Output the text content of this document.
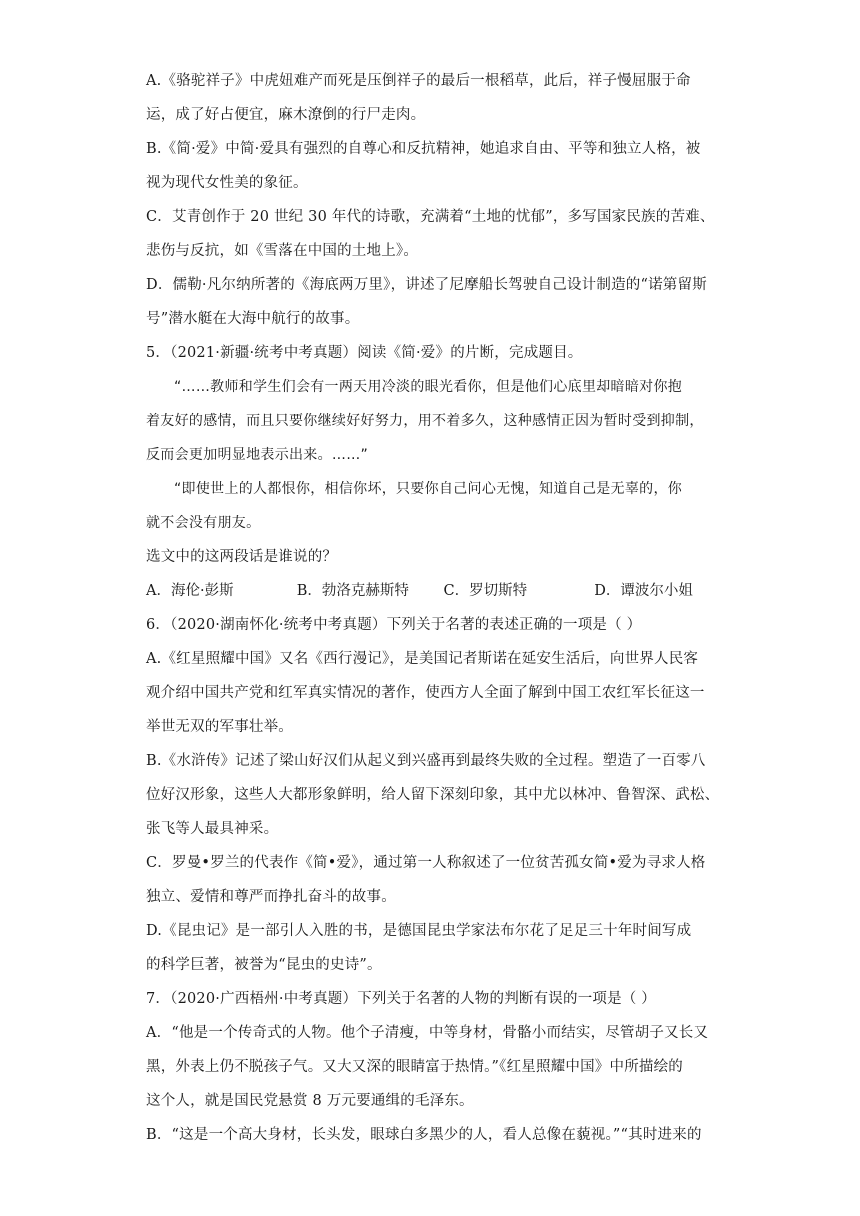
A.《骆驼祥子》中虎妞难产而死是压倒祥子的最后一根稻草，此后，祥子慢屈服于命
运，成了好占便宜，麻木潦倒的行尸走肉。
B.《简·爱》中简·爱具有强烈的自尊心和反抗精神，她追求自由、平等和独立人格，被
视为现代女性美的象征。
C．艾青创作于 20 世纪 30 年代的诗歌，充满着“土地的忧郁”，多写国家民族的苦难、
悲伤与反抗，如《雪落在中国的土地上》。
D．儒勒·凡尔纳所著的《海底两万里》，讲述了尼摩船长驾驶自己设计制造的“诺第留斯
号”潜水艇在大海中航行的故事。
5．（2021·新疆·统考中考真题）阅读《简·爱》的片断，完成题目。
“……教师和学生们会有一两天用冷淡的眼光看你，但是他们心底里却暗暗对你抱
着友好的感情，而且只要你继续好好努力，用不着多久，这种感情正因为暂时受到抑制，
反而会更加明显地表示出来。……”
“即使世上的人都恨你，相信你坏，只要你自己问心无愧，知道自己是无辜的，你
就不会没有朋友。
选文中的这两段话是谁说的？
A．海伦·彭斯	B．勃洛克赫斯特	C．罗切斯特	D．谭波尔小姐
6．（2020·湖南怀化·统考中考真题）下列关于名著的表述正确的一项是（ ）
A.《红星照耀中国》又名《西行漫记》，是美国记者斯诺在延安生活后，向世界人民客
观介绍中国共产党和红军真实情况的著作，使西方人全面了解到中国工农红军长征这一
举世无双的军事壮举。
B.《水浒传》记述了梁山好汉们从起义到兴盛再到最终失败的全过程。塑造了一百零八
位好汉形象，这些人大都形象鲜明，给人留下深刻印象，其中尤以林冲、鲁智深、武松、
张飞等人最具神采。
C．罗曼•罗兰的代表作《简•爱》，通过第一人称叙述了一位贫苦孤女简•爱为寻求人格
独立、爱情和尊严而挣扎奋斗的故事。
D.《昆虫记》是一部引人入胜的书，是德国昆虫学家法布尔花了足足三十年时间写成
的科学巨著，被誉为“昆虫的史诗”。
7．（2020·广西梧州·中考真题）下列关于名著的人物的判断有误的一项是（ ）
A．“他是一个传奇式的人物。他个子清瘦，中等身材，骨骼小而结实，尽管胡子又长又
黑，外表上仍不脱孩子气。又大又深的眼睛富于热情。”《红星照耀中国》中所描绘的
这个人，就是国民党悬赏 8 万元要通缉的毛泽东。
B．“这是一个高大身材，长头发，眼球白多黑少的人，看人总像在藐视。”“其时进来的
